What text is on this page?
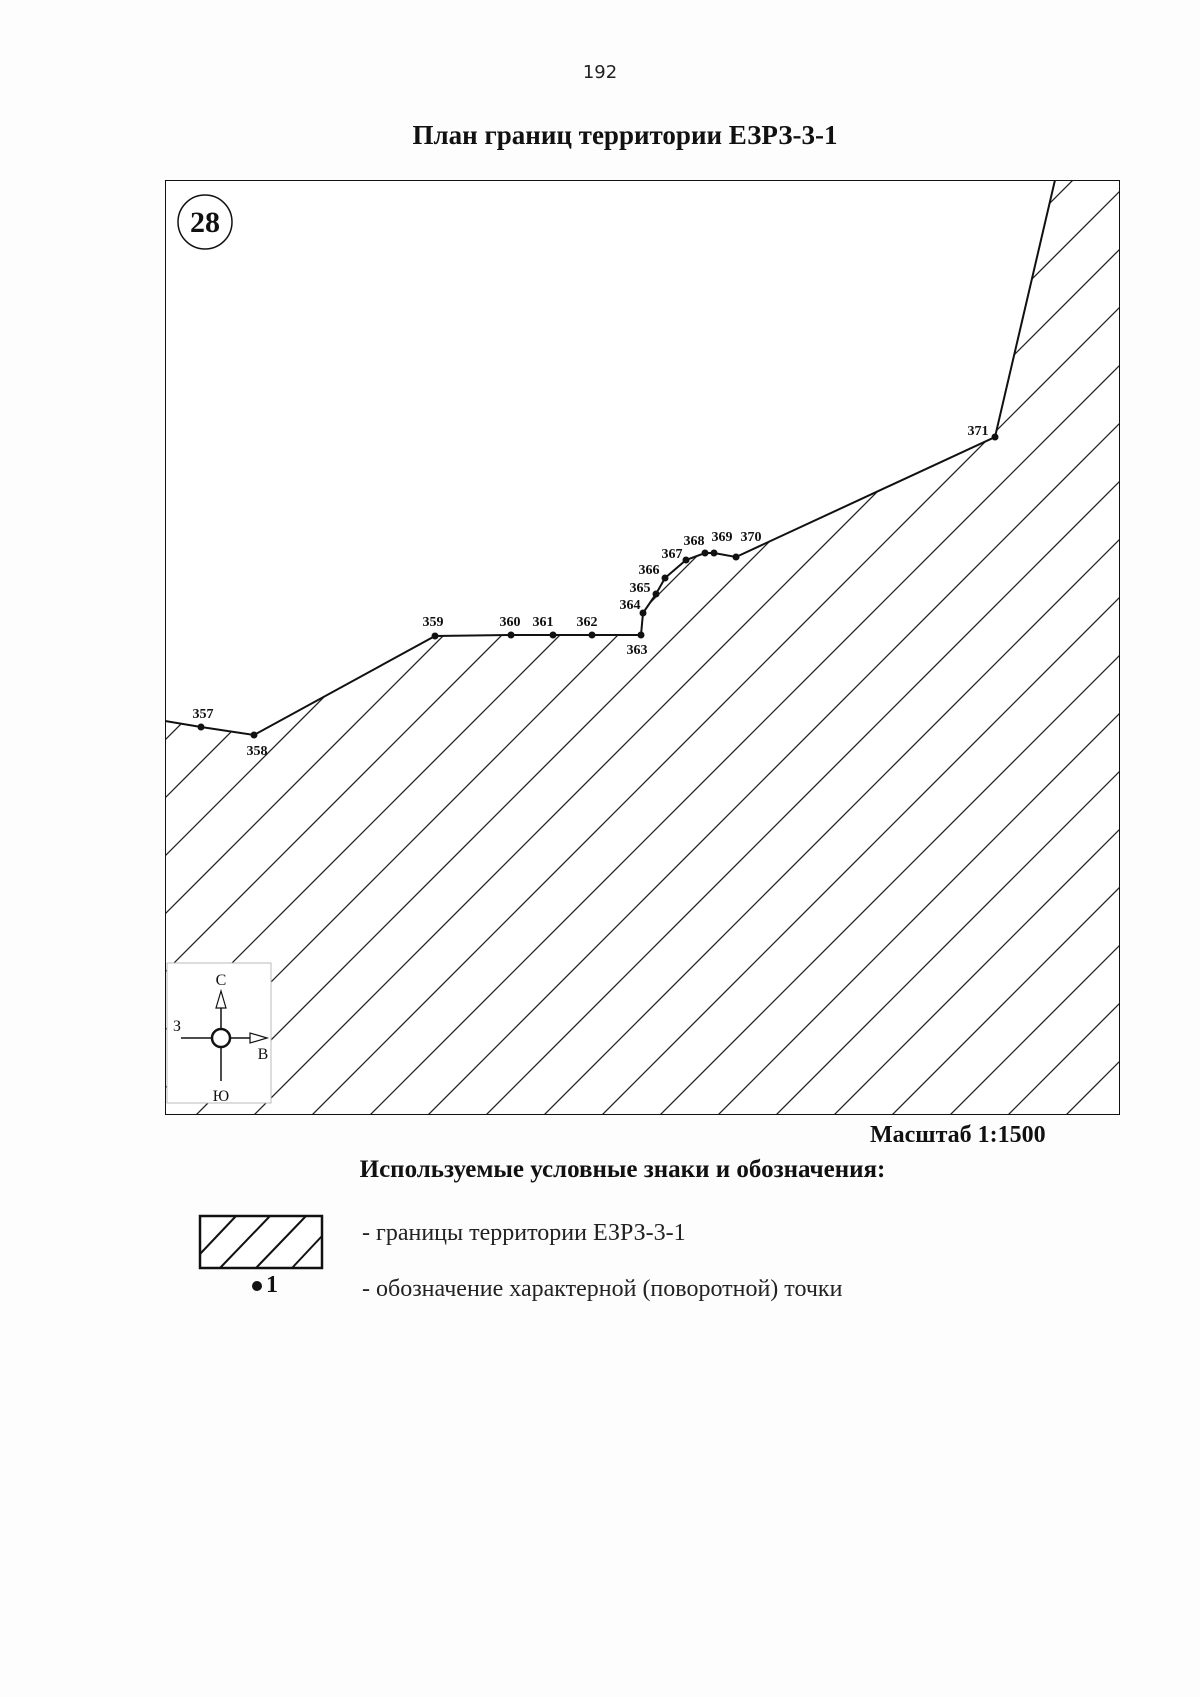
192
План границ территории ЕЗРЗ-3-1
357
358
359	360 361 362
363
364
365
366
367
368 369 370
371
28
С
Ю
В
З
Масштаб 1:1500
Используемые условные знаки и обозначения:
1
- границы территории ЕЗРЗ-3-1
- обозначение характерной (поворотной) точки
